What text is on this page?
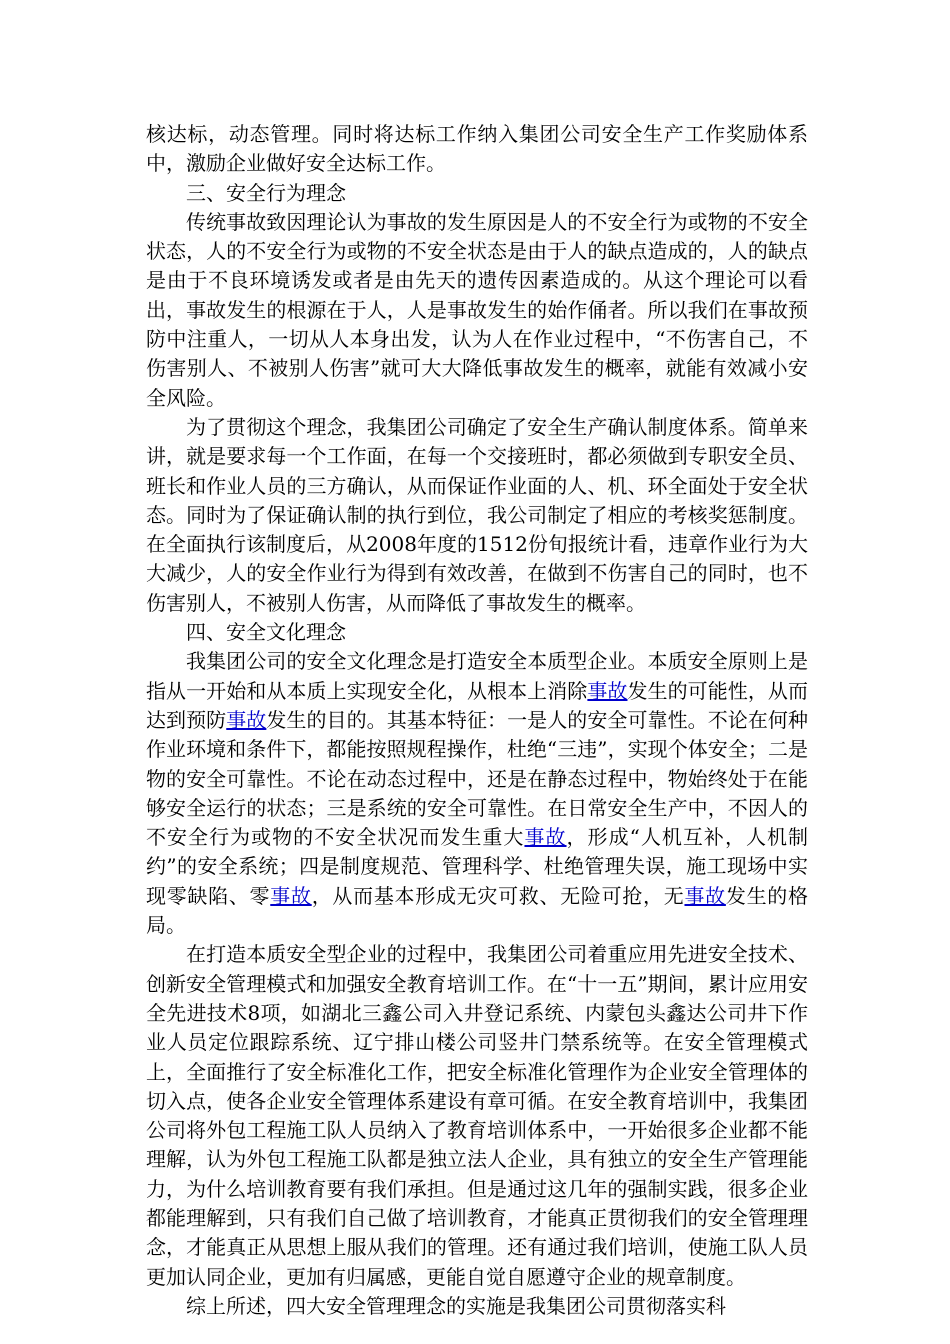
核达标，动态管理。同时将达标工作纳入集团公司安全生产工作奖励体系中，激励企业做好安全达标工作。

三、安全行为理念

传统事故致因理论认为事故的发生原因是人的不安全行为或物的不安全状态，人的不安全行为或物的不安全状态是由于人的缺点造成的，人的缺点是由于不良环境诱发或者是由先天的遗传因素造成的。从这个理论可以看出，事故发生的根源在于人，人是事故发生的始作俑者。所以我们在事故预防中注重人，一切从人本身出发，认为人在作业过程中，“不伤害自己，不伤害别人、不被别人伤害”就可大大降低事故发生的概率，就能有效减小安全风险。

为了贯彻这个理念，我集团公司确定了安全生产确认制度体系。简单来讲，就是要求每一个工作面，在每一个交接班时，都必须做到专职安全员、班长和作业人员的三方确认，从而保证作业面的人、机、环全面处于安全状态。同时为了保证确认制的执行到位，我公司制定了相应的考核奖惩制度。在全面执行该制度后，从2008年度的1512份旬报统计看，违章作业行为大大减少，人的安全作业行为得到有效改善，在做到不伤害自己的同时，也不伤害别人，不被别人伤害，从而降低了事故发生的概率。

四、安全文化理念

我集团公司的安全文化理念是打造安全本质型企业。本质安全原则上是指从一开始和从本质上实现安全化，从根本上消除事故发生的可能性，从而达到预防事故发生的目的。其基本特征：一是人的安全可靠性。不论在何种作业环境和条件下，都能按照规程操作，杜绝“三违”，实现个体安全；二是物的安全可靠性。不论在动态过程中，还是在静态过程中，物始终处于在能够安全运行的状态；三是系统的安全可靠性。在日常安全生产中，不因人的不安全行为或物的不安全状况而发生重大事故，形成“人机互补，人机制约”的安全系统；四是制度规范、管理科学、杜绝管理失误，施工现场中实现零缺陷、零事故，从而基本形成无灾可救、无险可抢，无事故发生的格局。

在打造本质安全型企业的过程中，我集团公司着重应用先进安全技术、创新安全管理模式和加强安全教育培训工作。在“十一五”期间，累计应用安全先进技术8项，如湖北三鑫公司入井登记系统、内蒙包头鑫达公司井下作业人员定位跟踪系统、辽宁排山楼公司竖井门禁系统等。在安全管理模式上，全面推行了安全标准化工作，把安全标准化管理作为企业安全管理体的切入点，使各企业安全管理体系建设有章可循。在安全教育培训中，我集团公司将外包工程施工队人员纳入了教育培训体系中，一开始很多企业都不能理解，认为外包工程施工队都是独立法人企业，具有独立的安全生产管理能力，为什么培训教育要有我们承担。但是通过这几年的强制实践，很多企业都能理解到，只有我们自己做了培训教育，才能真正贯彻我们的安全管理理念，才能真正从思想上服从我们的管理。还有通过我们培训，使施工队人员更加认同企业，更加有归属感，更能自觉自愿遵守企业的规章制度。

综上所述，四大安全管理理念的实施是我集团公司贯彻落实科
